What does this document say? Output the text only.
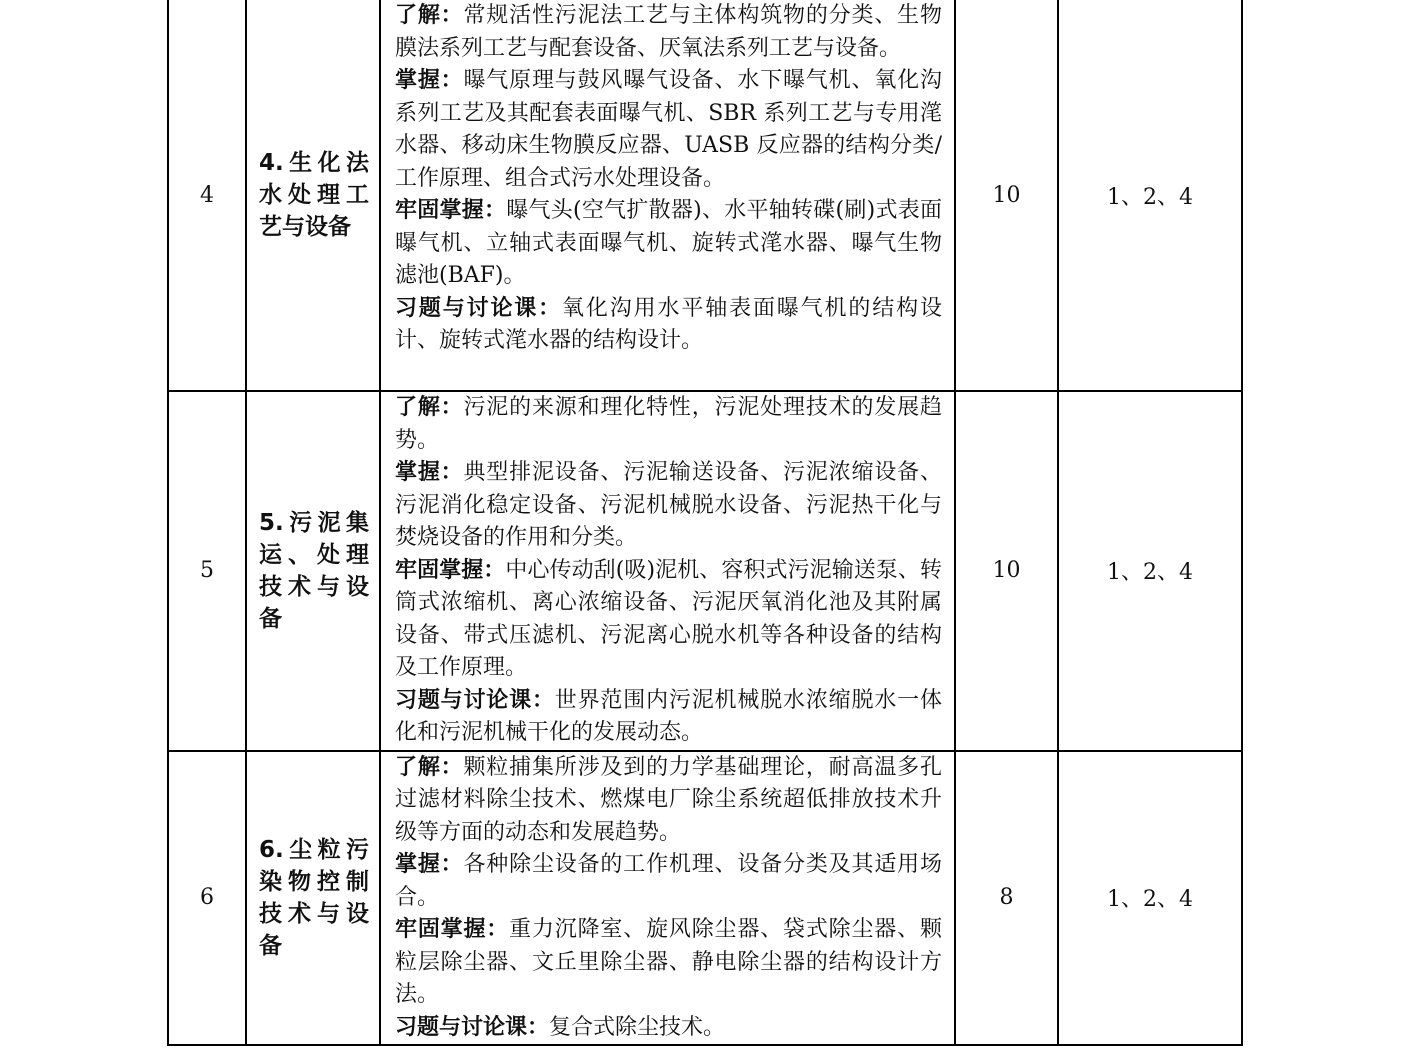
4	4.生化法水处理工艺与设备	了解：常规活性污泥法工艺与主体构筑物的分类、生物膜法系列工艺与配套设备、厌氧法系列工艺与设备。

掌握：曝气原理与鼓风曝气设备、水下曝气机、氧化沟系列工艺及其配套表面曝气机、SBR 系列工艺与专用滗水器、移动床生物膜反应器、UASB 反应器的结构分类/工作原理、组合式污水处理设备。

牢固掌握：曝气头(空气扩散器)、水平轴转碟(刷)式表面曝气机、立轴式表面曝气机、旋转式滗水器、曝气生物滤池(BAF)。

习题与讨论课：氧化沟用水平轴表面曝气机的结构设计、旋转式滗水器的结构设计。	10	1、2、4
5	5.污泥集运、处理技术与设备	了解：污泥的来源和理化特性，污泥处理技术的发展趋势。

掌握：典型排泥设备、污泥输送设备、污泥浓缩设备、污泥消化稳定设备、污泥机械脱水设备、污泥热干化与焚烧设备的作用和分类。

牢固掌握：中心传动刮(吸)泥机、容积式污泥输送泵、转筒式浓缩机、离心浓缩设备、污泥厌氧消化池及其附属设备、带式压滤机、污泥离心脱水机等各种设备的结构及工作原理。

习题与讨论课：世界范围内污泥机械脱水浓缩脱水一体化和污泥机械干化的发展动态。	10	1、2、4
6	6.尘粒污染物控制技术与设备	了解：颗粒捕集所涉及到的力学基础理论，耐高温多孔过滤材料除尘技术、燃煤电厂除尘系统超低排放技术升级等方面的动态和发展趋势。

掌握：各种除尘设备的工作机理、设备分类及其适用场合。

牢固掌握：重力沉降室、旋风除尘器、袋式除尘器、颗粒层除尘器、文丘里除尘器、静电除尘器的结构设计方法。

习题与讨论课：复合式除尘技术。	8	1、2、4
